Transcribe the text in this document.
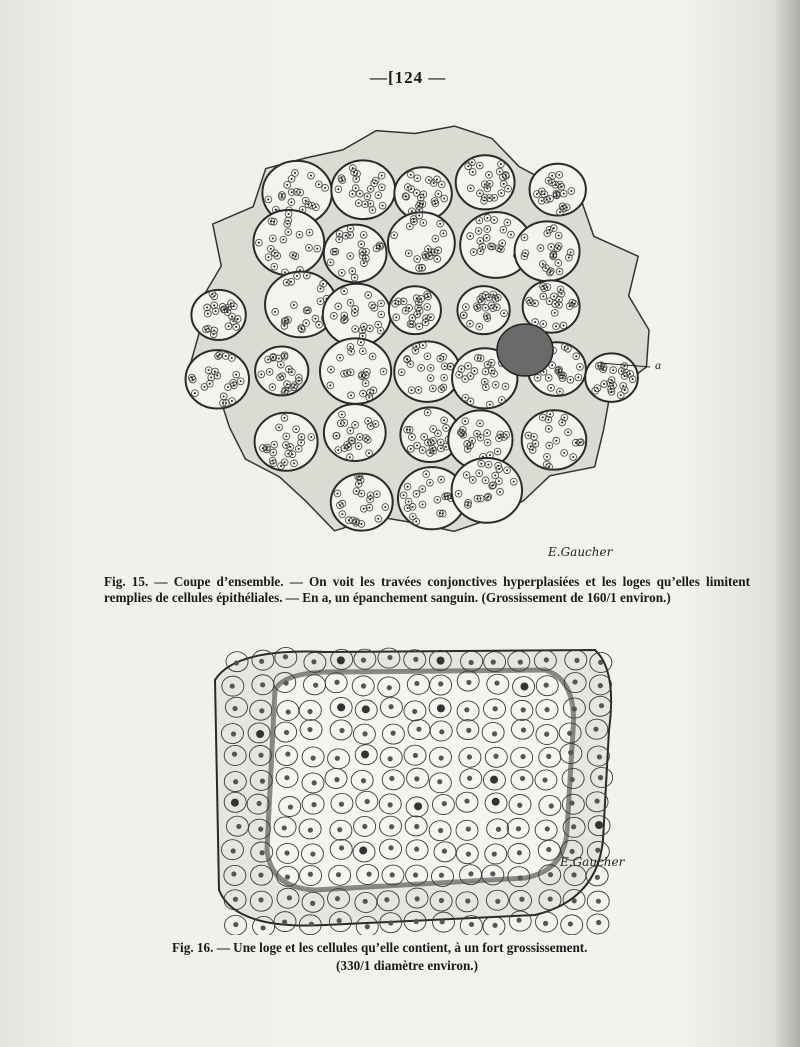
—[124 —
E.Gaucher
a
Fig. 15. — Coupe d’ensemble. — On voit les travées conjonctives hyperplasiées et les loges qu’elles limitent remplies de cellules épithéliales. — En a, un épanchement sanguin. (Grossissement de 160/1 environ.)
E.Gaucher
Fig. 16. — Une loge et les cellules qu’elle contient, à un fort grossissement.
(330/1 diamètre environ.)
